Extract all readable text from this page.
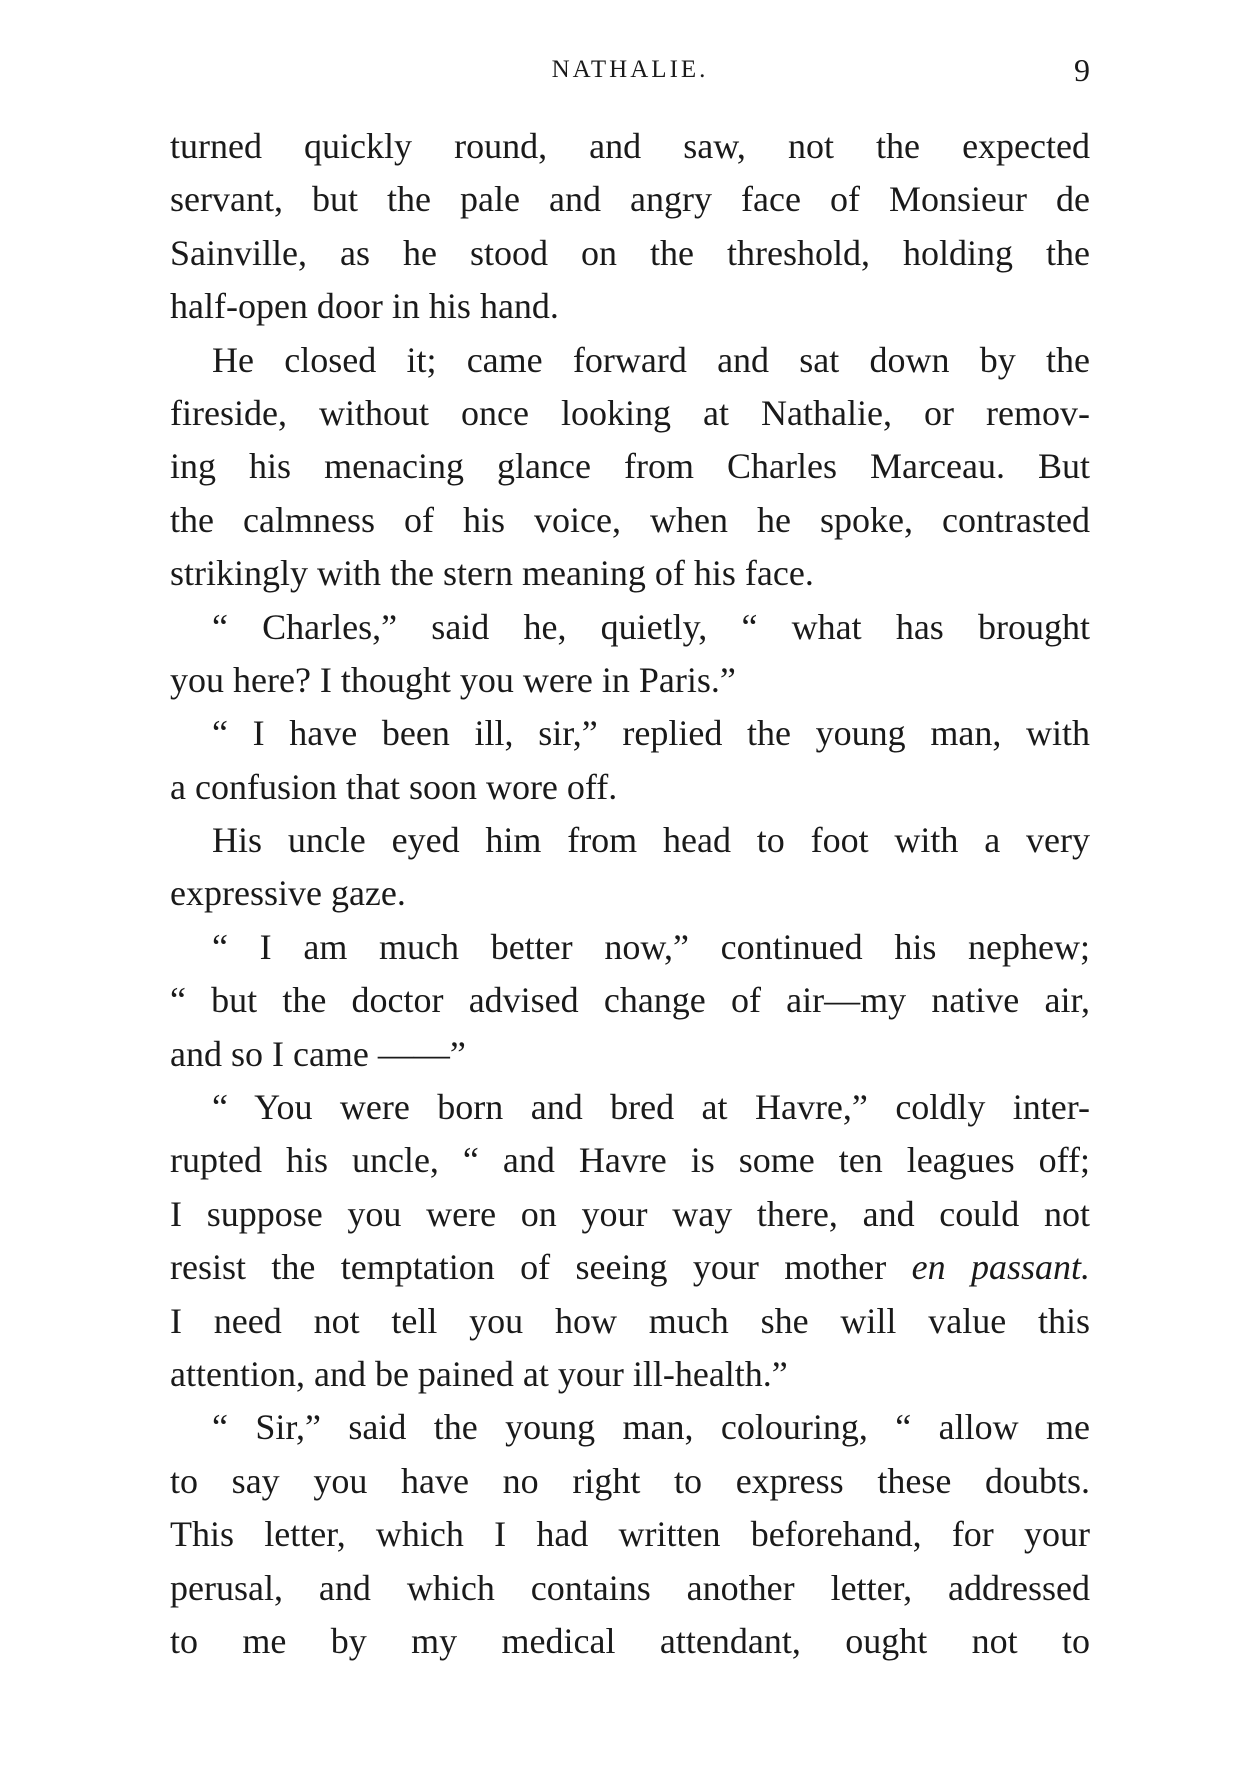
NATHALIE.	9
turned quickly round, and saw, not the expected
servant, but the pale and angry face of Monsieur de
Sainville, as he stood on the threshold, holding the
half-open door in his hand.
He closed it; came forward and sat down by the
fireside, without once looking at Nathalie, or remov-
ing his menacing glance from Charles Marceau. But
the calmness of his voice, when he spoke, contrasted
strikingly with the stern meaning of his face.
“ Charles,” said he, quietly, “ what has brought
you here? I thought you were in Paris.”
“ I have been ill, sir,” replied the young man, with
a confusion that soon wore off.
His uncle eyed him from head to foot with a very
expressive gaze.
“ I am much better now,” continued his nephew;
“ but the doctor advised change of air—my native air,
and so I came ——”
“ You were born and bred at Havre,” coldly inter-
rupted his uncle, “ and Havre is some ten leagues off;
I suppose you were on your way there, and could not
resist the temptation of seeing your mother en passant.
I need not tell you how much she will value this
attention, and be pained at your ill-health.”
“ Sir,” said the young man, colouring, “ allow me
to say you have no right to express these doubts.
This letter, which I had written beforehand, for your
perusal, and which contains another letter, addressed
to me by my medical attendant, ought not to
